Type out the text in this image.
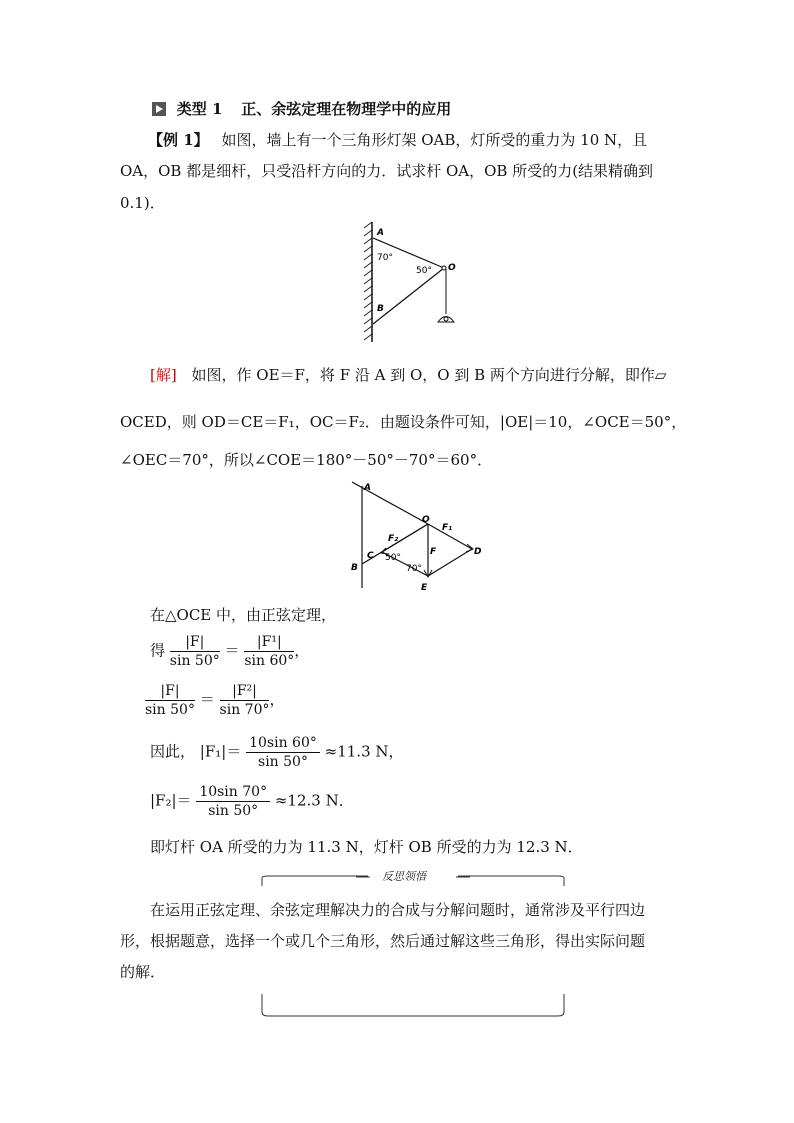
类型 1 正、余弦定理在物理学中的应用
【例 1】 如图，墙上有一个三角形灯架 OAB，灯所受的重力为 10 N，且
OA，OB 都是细杆，只受沿杆方向的力．试求杆 OA，OB 所受的力(结果精确到
0.1)．
A
70°
50° O
B
[解] 如图，作 OE＝F，将 F 沿 A 到 O，O 到 B 两个方向进行分解，即作▱
OCED，则 OD＝CE＝F₁，OC＝F₂．由题设条件可知，|OE|＝10，∠OCE＝50°，
∠OEC＝70°，所以∠COE＝180°－50°－70°＝60°．
A
O
F₁
D
F₂
F
C 50°
70°
B
E
在△OCE 中，由正弦定理，
得 $\frac{|F|}{\sin 50^\circ} = \frac{\text{|F¹|}}{\sin 60^\circ}$ ，
$\frac{|F|}{\sin 50^\circ} = \frac{\text{|F²|}}{\sin 70^\circ}$ ，
因此， $|F_1|= \frac{10\sin 60^\circ}{\sin 50^\circ} \approx 11.3$ N，
$|F_2|= \frac{10\sin 70^\circ}{\sin 50^\circ} \approx 12.3$ N．
即灯杆 OA 所受的力为 11.3 N，灯杆 OB 所受的力为 12.3 N．
反思领悟
在运用正弦定理、余弦定理解决力的合成与分解问题时，通常涉及平行四边
形，根据题意，选择一个或几个三角形，然后通过解这些三角形，得出实际问题
的解．
